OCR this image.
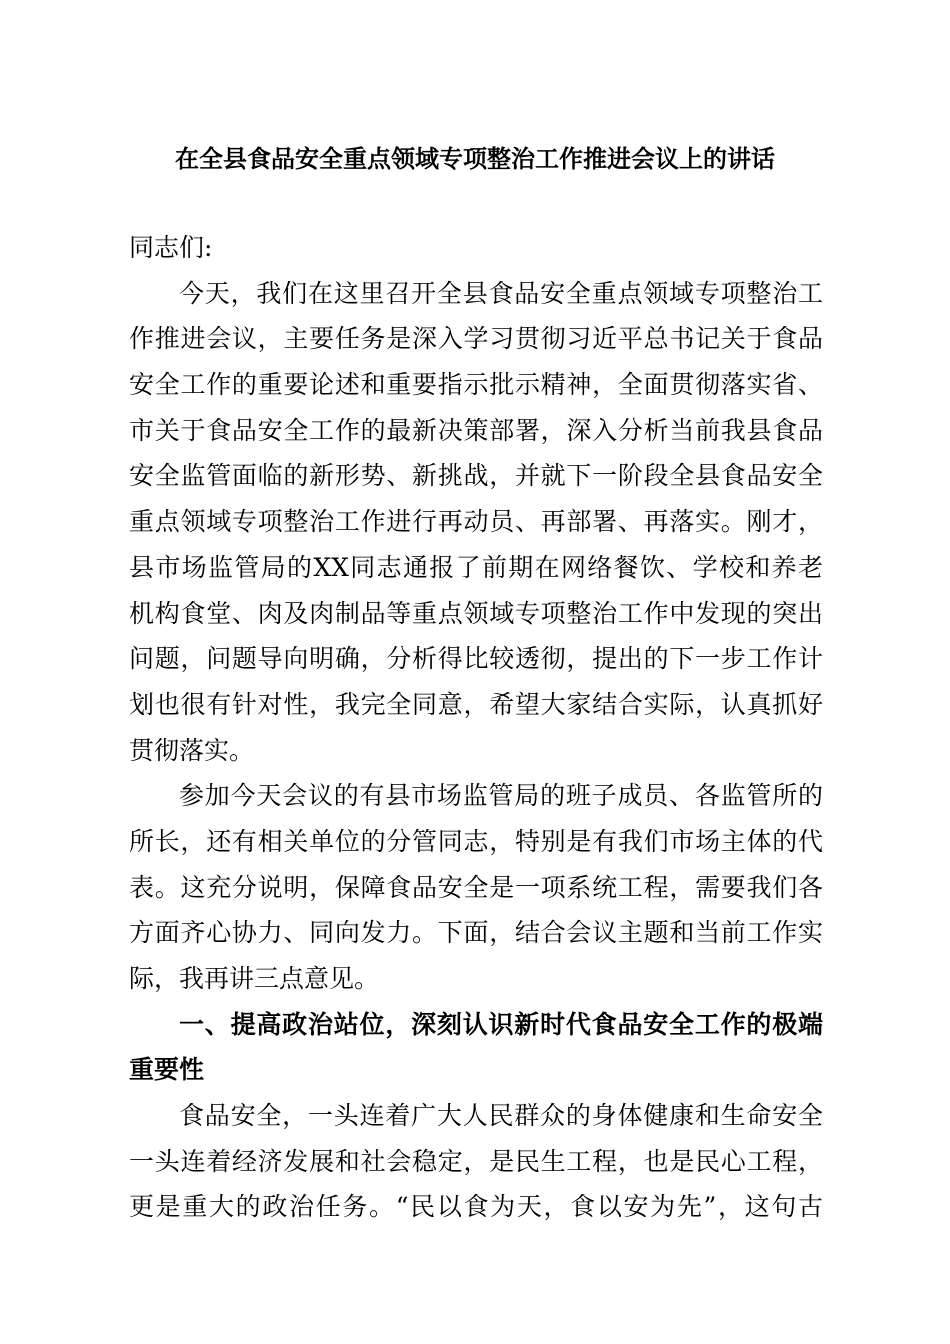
在全县食品安全重点领域专项整治工作推进会议上的讲话
同志们:
今天，我们在这里召开全县食品安全重点领域专项整治工
作推进会议，主要任务是深入学习贯彻习近平总书记关于食品
安全工作的重要论述和重要指示批示精神，全面贯彻落实省、
市关于食品安全工作的最新决策部署，深入分析当前我县食品
安全监管面临的新形势、新挑战，并就下一阶段全县食品安全
重点领域专项整治工作进行再动员、再部署、再落实。刚才，
县市场监管局的XX同志通报了前期在网络餐饮、学校和养老
机构食堂、肉及肉制品等重点领域专项整治工作中发现的突出
问题，问题导向明确，分析得比较透彻，提出的下一步工作计
划也很有针对性，我完全同意，希望大家结合实际，认真抓好
贯彻落实。
参加今天会议的有县市场监管局的班子成员、各监管所的
所长，还有相关单位的分管同志，特别是有我们市场主体的代
表。这充分说明，保障食品安全是一项系统工程，需要我们各
方面齐心协力、同向发力。下面，结合会议主题和当前工作实
际，我再讲三点意见。
一、提高政治站位，深刻认识新时代食品安全工作的极端
重要性
食品安全，一头连着广大人民群众的身体健康和生命安全
一头连着经济发展和社会稳定，是民生工程，也是民心工程，
更是重大的政治任务。“民以食为天，食以安为先”，这句古
